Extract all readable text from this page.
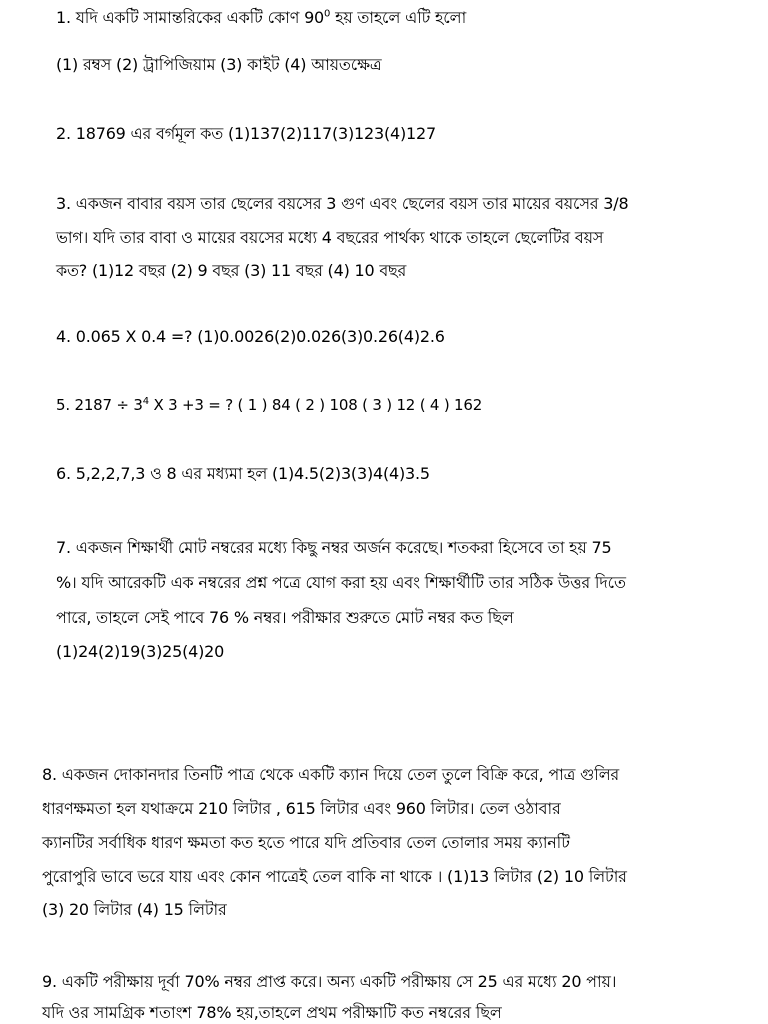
1. যদি একটি সামান্তরিকের একটি কোণ $90^0$ হয় তাহলে এটি হলো
(1) রম্বস (2) ট্রাপিজিয়াম (3) কাইট (4) আয়তক্ষেত্র
2. 18769 এর বর্গমূল কত (1)137(2)117(3)123(4)127
3. একজন বাবার বয়স তার ছেলের বয়সের 3 গুণ এবং ছেলের বয়স তার মায়ের বয়সের 3/8
ভাগ। যদি তার বাবা ও মায়ের বয়সের মধ্যে 4 বছরের পার্থক্য থাকে তাহলে ছেলেটির বয়স
কত? (1)12 বছর (2) 9 বছর (3) 11 বছর (4) 10 বছর
4. 0.065 X 0.4 =? (1)0.0026(2)0.026(3)0.26(4)2.6
5. $2187 \div 3^4$ X 3 +3 = ? ( 1 ) 84 ( 2 ) 108 ( 3 ) 12 ( 4 ) 162
6. 5,2,2,7,3 ও 8 এর মধ্যমা হল (1)4.5(2)3(3)4(4)3.5
7. একজন শিক্ষার্থী মোট নম্বরের মধ্যে কিছু নম্বর অর্জন করেছে। শতকরা হিসেবে তা হয় 75
%। যদি আরেকটি এক নম্বরের প্রশ্ন পত্রে যোগ করা হয় এবং শিক্ষার্থীটি তার সঠিক উত্তর দিতে
পারে, তাহলে সেই পাবে 76 % নম্বর। পরীক্ষার শুরুতে মোট নম্বর কত ছিল
(1)24(2)19(3)25(4)20
8. একজন দোকানদার তিনটি পাত্র থেকে একটি ক্যান দিয়ে তেল তুলে বিক্রি করে, পাত্র গুলির
ধারণক্ষমতা হল যথাক্রমে 210 লিটার , 615 লিটার এবং 960 লিটার। তেল ওঠাবার
ক্যানটির সর্বাধিক ধারণ ক্ষমতা কত হতে পারে যদি প্রতিবার তেল তোলার সময় ক্যানটি
পুরোপুরি ভাবে ভরে যায় এবং কোন পাত্রেই তেল বাকি না থাকে । (1)13 লিটার (2) 10 লিটার
(3) 20 লিটার (4) 15 লিটার
9. একটি পরীক্ষায় দূর্বা 70% নম্বর প্রাপ্ত করে। অন্য একটি পরীক্ষায় সে 25 এর মধ্যে 20 পায়।
যদি ওর সামগ্রিক শতাংশ 78% হয়,তাহলে প্রথম পরীক্ষাটি কত নম্বরের ছিল
